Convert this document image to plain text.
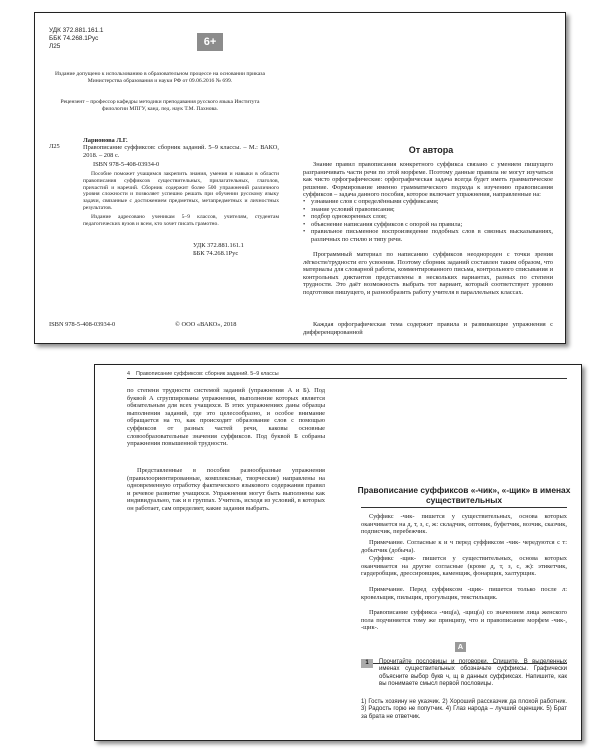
УДК 372.881.161.1

ББК 74.268.1Рус

Л25	6+

Издание допущено к использованию в образовательном процессе на основании приказа Министерства образования и науки РФ от 09.06.2016 № 699.

Рецензент – профессор кафедры методики преподавания русского языка Института филологии МПГУ, канд. пед. наук Т.М. Пахнова.

Л25

Ларионова Л.Г.

Правописание суффиксов: сборник заданий. 5–9 классы. – М.: ВАКО, 2018. – 208 с.

ISBN 978-5-408-03934-0

Пособие поможет учащимся закрепить знания, умения и навыки в области правописания суффиксов существительных, прилагательных, глаголов, причастий и наречий. Сборник содержит более 500 упражнений различного уровня сложности и позволяет успешно решать при обучении русскому языку задачи, связанные с достижением предметных, метапредметных и личностных результатов.

Издание адресовано ученикам 5–9 классов, учителям, студентам педагогических вузов и всем, кто хочет писать грамотно.

УДК 372.881.161.1

ББК 74.268.1Рус

ISBN 978-5-408-03934-0	© ООО «ВАКО», 2018

От автора

Знание правил правописания конкретного суффикса связано с умением пишущего разграничивать части речи по этой морфеме. Поэтому данные правила не могут изучаться как чисто орфографические: орфографическая задача всегда будет иметь грамматическое решение. Формирование именно грамматического подхода к изучению правописания суффиксов – задача данного пособия, которое включает упражнения, направленные на:

• узнавание слов с определёнными суффиксами;

• знание условий правописания;

• подбор однокоренных слов;

• объяснение написания суффиксов с опорой на правила;

• правильное письменное воспроизведение подобных слов в связных высказываниях, различных по стилю и типу речи.

Программный материал по написанию суффиксов неоднороден с точки зрения лёгкости/трудности его усвоения. Поэтому сборник заданий составлен таким образом, что материалы для словарной работы, комментированного письма, контрольного списывания и контрольных диктантов представлены в нескольких вариантах, разных по степени трудности. Это даёт возможность выбрать тот вариант, который соответствует уровню подготовки пишущего, и разнообразить работу учителя в параллельных классах.

Каждая орфографическая тема содержит правила и развивающие упражнения с дифференцированной

4 Правописание суффиксов: сборник заданий. 5–9 классы

по степени трудности системой заданий (упражнения А и Б). Под буквой А сгруппированы упражнения, выполнение которых является обязательным для всех учащихся. В этих упражнениях даны образцы выполнения заданий, где это целесообразно, и особое внимание обращается на то, как происходит образование слов с помощью суффиксов от разных частей речи, каковы основные словообразовательные значения суффиксов. Под буквой Б собраны упражнения повышенной трудности.

Представленные в пособии разнообразные упражнения (правилоориентированные, комплексные, творческие) направлены на одновременную отработку фактического языкового содержания правил и речевое развитие учащихся. Упражнения могут быть выполнены как индивидуально, так и в группах. Учитель, исходя из условий, в которых он работает, сам определяет, какие задания выбрать.

Правописание суффиксов «-чик», «-щик» в именах существительных

Суффикс -чик- пишется у существительных, основа которых оканчивается на д, т, з, с, ж: складчик, оптовик, буфетчик, возчик, сказчик, подписчик, перебежчик.

Примечание. Согласные к и ч перед суффиксом -чик- чередуются с т: добытчик (добыча).

Суффикс -щик- пишется у существительных, основа которых оканчивается на другие согласные (кроме д, т, з, с, ж): этикетчик, гардеробщик, дрессировщик, каменщик, фонарщик, халтурщик.

Примечание. Перед суффиксом -щик- пишется только после л: кровельщик, пильщик, прогульщик, текстильщик.

Правописание суффикса -чиц(а), -щиц(а) со значением лица женского пола подчиняется тому же принципу, что и правописание морфем -чик-, -щик-.

А
1	Прочитайте пословицы и поговорки. Спишите. В выделенных именах существительных обозначьте суффиксы. Графически объясните выбор букв ч, щ в данных суффиксах. Напишите, как вы понимаете смысл первой пословицы.

1) Гость хозяину не указчик. 2) Хороший рассказчик да плохой работник. 3) Радость горю не попутчик. 4) Глаз народа – лучший оценщик. 5) Брат за брата не ответчик.
